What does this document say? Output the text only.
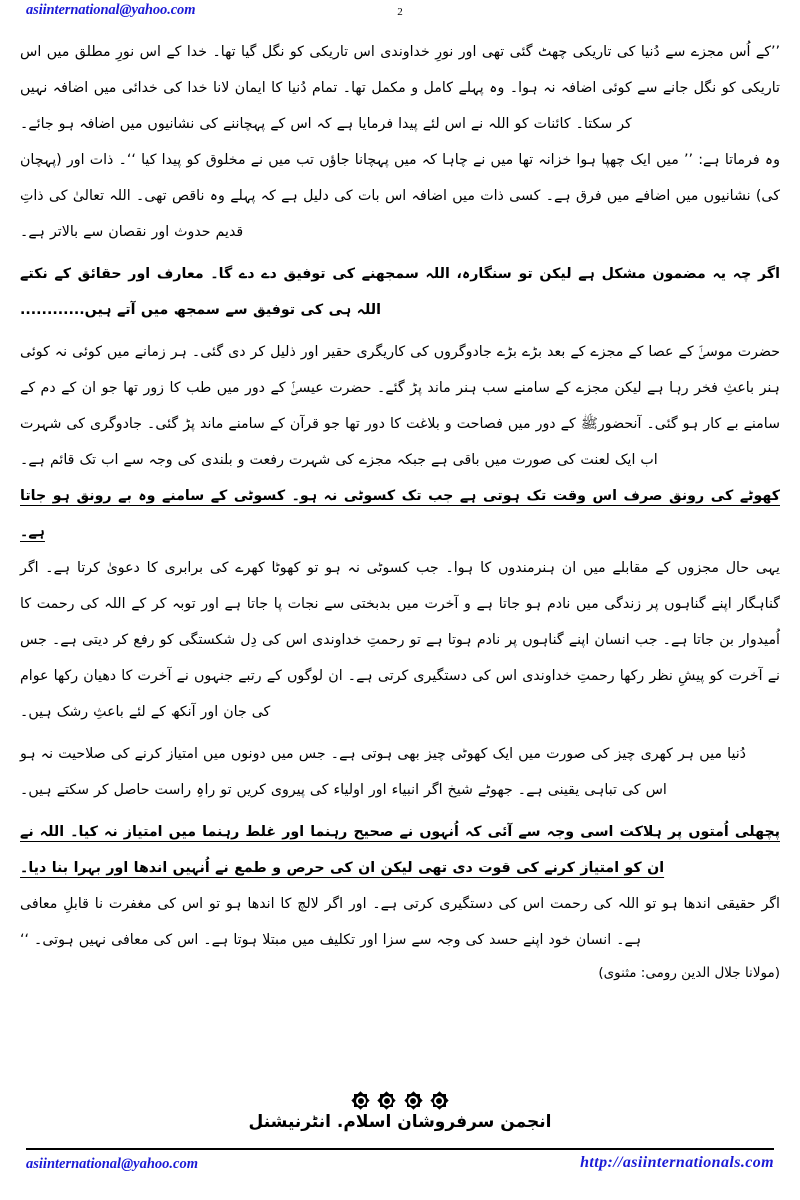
asiinternational@yahoo.com	2

’’کے اُس مجزے سے دُنیا کی تاریکی چھٹ گئی تھی اور نورِ خداوندی اس تاریکی کو نگل گیا تھا۔ خدا کے اس نورِ مطلق میں اس تاریکی کو نگل جانے سے کوئی اضافہ نہ ہوا۔ وہ پہلے کامل و مکمل تھا۔ تمام دُنیا کا ایمان لانا خدا کی خدائی میں اضافہ نہیں کر سکتا۔ کائنات کو اللہ نے اس لئے پیدا فرمایا ہے کہ اس کے پہچاننے کی نشانیوں میں اضافہ ہو جائے۔

وہ فرماتا ہے: ’’ میں ایک چھپا ہوا خزانہ تھا میں نے چاہا کہ میں پہچانا جاؤں تب میں نے مخلوق کو پیدا کیا ‘‘۔ ذات اور (پہچان کی) نشانیوں میں اضافے میں فرق ہے۔ کسی ذات میں اضافہ اس بات کی دلیل ہے کہ پہلے وہ ناقص تھی۔ اللہ تعالیٰ کی ذاتِ قدیم حدوث اور نقصان سے بالاتر ہے۔

اگر چہ یہ مضمون مشکل ہے لیکن تو سنگارہ، اللہ سمجھنے کی توفیق دے دے گا۔ معارف اور حقائق کے نکتے اللہ ہی کی توفیق سے سمجھ میں آتے ہیں............

حضرت موسیٰؑ کے عصا کے مجزے کے بعد بڑے بڑے جادوگروں کی کاریگری حقیر اور ذلیل کر دی گئی۔ ہر زمانے میں کوئی نہ کوئی ہنر باعثِ فخر رہا ہے لیکن مجزے کے سامنے سب ہنر ماند پڑ گئے۔ حضرت عیسیٰؑ کے دور میں طب کا زور تھا جو ان کے دم کے سامنے بے کار ہو گئی۔ آنحضورﷺ کے دور میں فصاحت و بلاغت کا دور تھا جو قرآن کے سامنے ماند پڑ گئی۔ جادوگری کی شہرت اب ایک لعنت کی صورت میں باقی ہے جبکہ مجزے کی شہرت رفعت و بلندی کی وجہ سے اب تک قائم ہے۔

کھوٹے کی رونق صرف اس وقت تک ہوتی ہے جب تک کسوٹی نہ ہو۔ کسوٹی کے سامنے وہ بے رونق ہو جاتا ہے۔

یہی حال مجزوں کے مقابلے میں ان ہنرمندوں کا ہوا۔ جب کسوٹی نہ ہو تو کھوٹا کھرے کی برابری کا دعویٰ کرتا ہے۔ اگر گناہگار اپنے گناہوں پر زندگی میں نادم ہو جاتا ہے و آخرت میں بدبختی سے نجات پا جاتا ہے اور توبہ کر کے اللہ کی رحمت کا اُمیدوار بن جاتا ہے۔ جب انسان اپنے گناہوں پر نادم ہوتا ہے تو رحمتِ خداوندی اس کی دِل شکستگی کو رفع کر دیتی ہے۔ جس نے آخرت کو پیشِ نظر رکھا رحمتِ خداوندی اس کی دستگیری کرتی ہے۔ ان لوگوں کے رتبے جنہوں نے آخرت کا دھیان رکھا عوام کی جان اور آنکھ کے لئے باعثِ رشک ہیں۔

دُنیا میں ہر کھری چیز کی صورت میں ایک کھوٹی چیز بھی ہوتی ہے۔ جس میں دونوں میں امتیاز کرنے کی صلاحیت نہ ہو اس کی تباہی یقینی ہے۔ جھوٹے شیخ اگر انبیاء اور اولیاء کی پیروی کریں تو راہِ راست حاصل کر سکتے ہیں۔

پچھلی اُمتوں پر ہلاکت اسی وجہ سے آئی کہ اُنہوں نے صحیح رہنما اور غلط رہنما میں امتیاز نہ کیا۔ اللہ نے ان کو امتیاز کرنے کی قوت دی تھی لیکن ان کی حرص و طمع نے اُنہیں اندھا اور بہرا بنا دیا۔

اگر حقیقی اندھا ہو تو اللہ کی رحمت اس کی دستگیری کرتی ہے۔ اور اگر لالچ کا اندھا ہو تو اس کی مغفرت نا قابلِ معافی ہے۔ انسان خود اپنے حسد کی وجہ سے سزا اور تکلیف میں مبتلا ہوتا ہے۔ اس کی معافی نہیں ہوتی۔ ‘‘

(مولانا جلال الدین رومی: مثنوی)

انجمن سرفروشان اسلام. انٹرنیشنل
asiinternational@yahoo.com	http://asiinternationals.com
